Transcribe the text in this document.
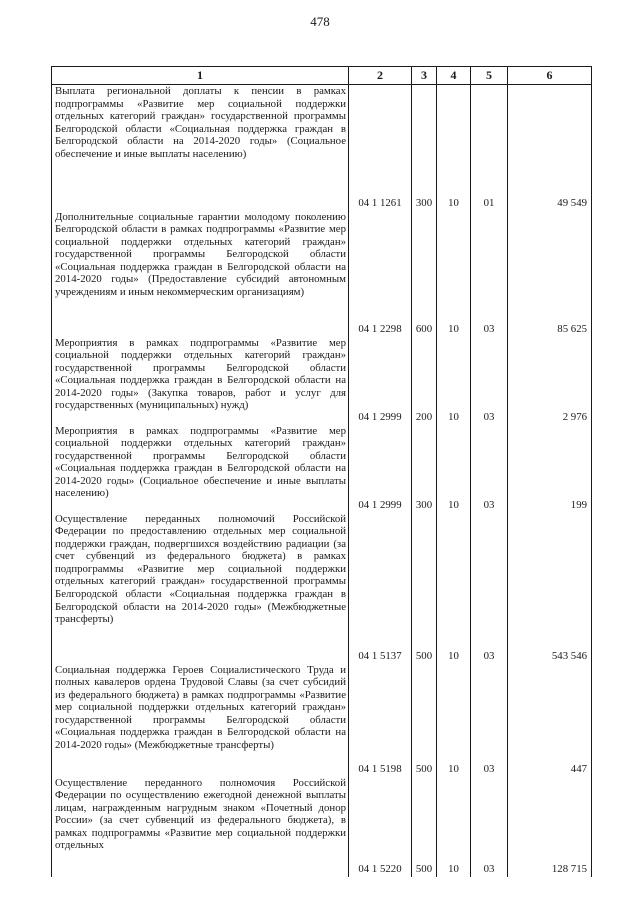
478
1	2	3	4	5	6
Выплата региональной доплаты к пенсии в рамках подпрограммы «Развитие мер социальной поддержки отдельных категорий граждан» государственной программы Белгородской области «Социальная поддержка граждан в Белгородской области на 2014-2020 годы» (Социальное обеспечение и иные выплаты населению)	04 1 1261	300	10	01	49 549
Дополнительные социальные гарантии молодому поколению Белгородской области в рамках подпрограммы «Развитие мер социальной поддержки отдельных категорий граждан» государственной программы Белгородской области «Социальная поддержка граждан в Белгородской области на 2014-2020 годы» (Предоставление субсидий автономным учреждениям и иным некоммерческим организациям)	04 1 2298	600	10	03	85 625
Мероприятия в рамках подпрограммы «Развитие мер социальной поддержки отдельных категорий граждан» государственной программы Белгородской области «Социальная поддержка граждан в Белгородской области на 2014-2020 годы» (Закупка товаров, работ и услуг для государственных (муниципальных) нужд)	04 1 2999	200	10	03	2 976
Мероприятия в рамках подпрограммы «Развитие мер социальной поддержки отдельных категорий граждан» государственной программы Белгородской области «Социальная поддержка граждан в Белгородской области на 2014-2020 годы» (Социальное обеспечение и иные выплаты населению)	04 1 2999	300	10	03	199
Осуществление переданных полномочий Российской Федерации по предоставлению отдельных мер социальной поддержки граждан, подвергшихся воздействию радиации (за счет субвенций из федерального бюджета) в рамках подпрограммы «Развитие мер социальной поддержки отдельных категорий граждан» государственной программы Белгородской области «Социальная поддержка граждан в Белгородской области на 2014-2020 годы» (Межбюджетные трансферты)	04 1 5137	500	10	03	543 546
Социальная поддержка Героев Социалистического Труда и полных кавалеров ордена Трудовой Славы (за счет субсидий из федерального бюджета) в рамках подпрограммы «Развитие мер социальной поддержки отдельных категорий граждан» государственной программы Белгородской области «Социальная поддержка граждан в Белгородской области на 2014-2020 годы» (Межбюджетные трансферты)	04 1 5198	500	10	03	447
Осуществление переданного полномочия Российской Федерации по осуществлению ежегодной денежной выплаты лицам, награжденным нагрудным знаком «Почетный донор России» (за счет субвенций из федерального бюджета), в рамках подпрограммы «Развитие мер социальной поддержки отдельных	04 1 5220	500	10	03	128 715
